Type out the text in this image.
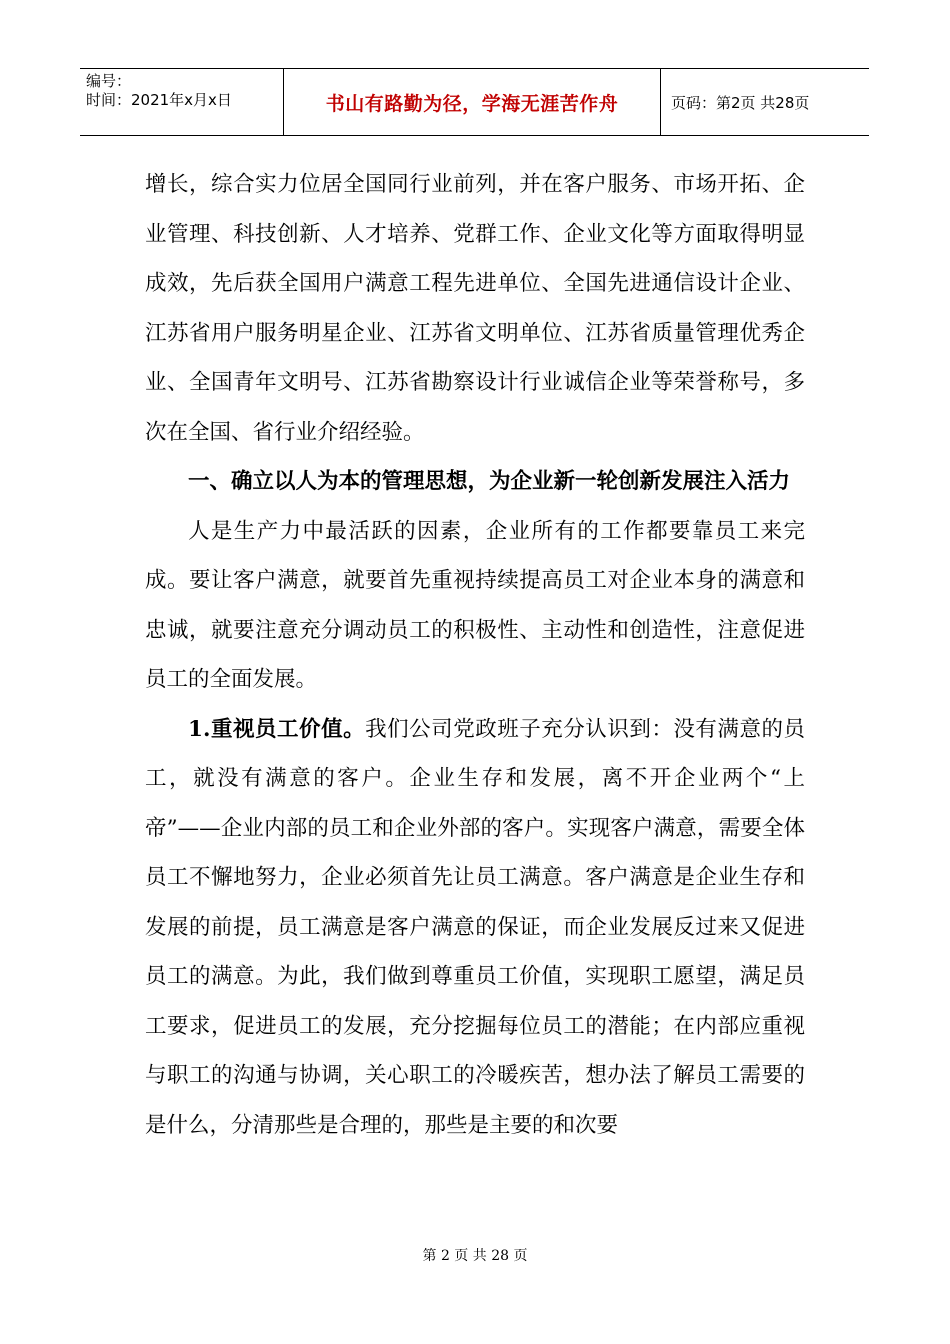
编号：
时间：2021年x月x日	书山有路勤为径，学海无涯苦作舟	页码：第2页 共28页

增长，综合实力位居全国同行业前列，并在客户服务、市场开拓、企业管理、科技创新、人才培养、党群工作、企业文化等方面取得明显成效，先后获全国用户满意工程先进单位、全国先进通信设计企业、江苏省用户服务明星企业、江苏省文明单位、江苏省质量管理优秀企业、全国青年文明号、江苏省勘察设计行业诚信企业等荣誉称号，多次在全国、省行业介绍经验。

一、确立以人为本的管理思想，为企业新一轮创新发展注入活力

人是生产力中最活跃的因素，企业所有的工作都要靠员工来完成。要让客户满意，就要首先重视持续提高员工对企业本身的满意和忠诚，就要注意充分调动员工的积极性、主动性和创造性，注意促进员工的全面发展。

1.重视员工价值。我们公司党政班子充分认识到：没有满意的员工，就没有满意的客户。企业生存和发展，离不开企业两个“上帝”——企业内部的员工和企业外部的客户。实现客户满意，需要全体员工不懈地努力，企业必须首先让员工满意。客户满意是企业生存和发展的前提，员工满意是客户满意的保证，而企业发展反过来又促进员工的满意。为此，我们做到尊重员工价值，实现职工愿望，满足员工要求，促进员工的发展，充分挖掘每位员工的潜能；在内部应重视与职工的沟通与协调，关心职工的冷暖疾苦，想办法了解员工需要的是什么，分清那些是合理的，那些是主要的和次要

第 2 页 共 28 页
